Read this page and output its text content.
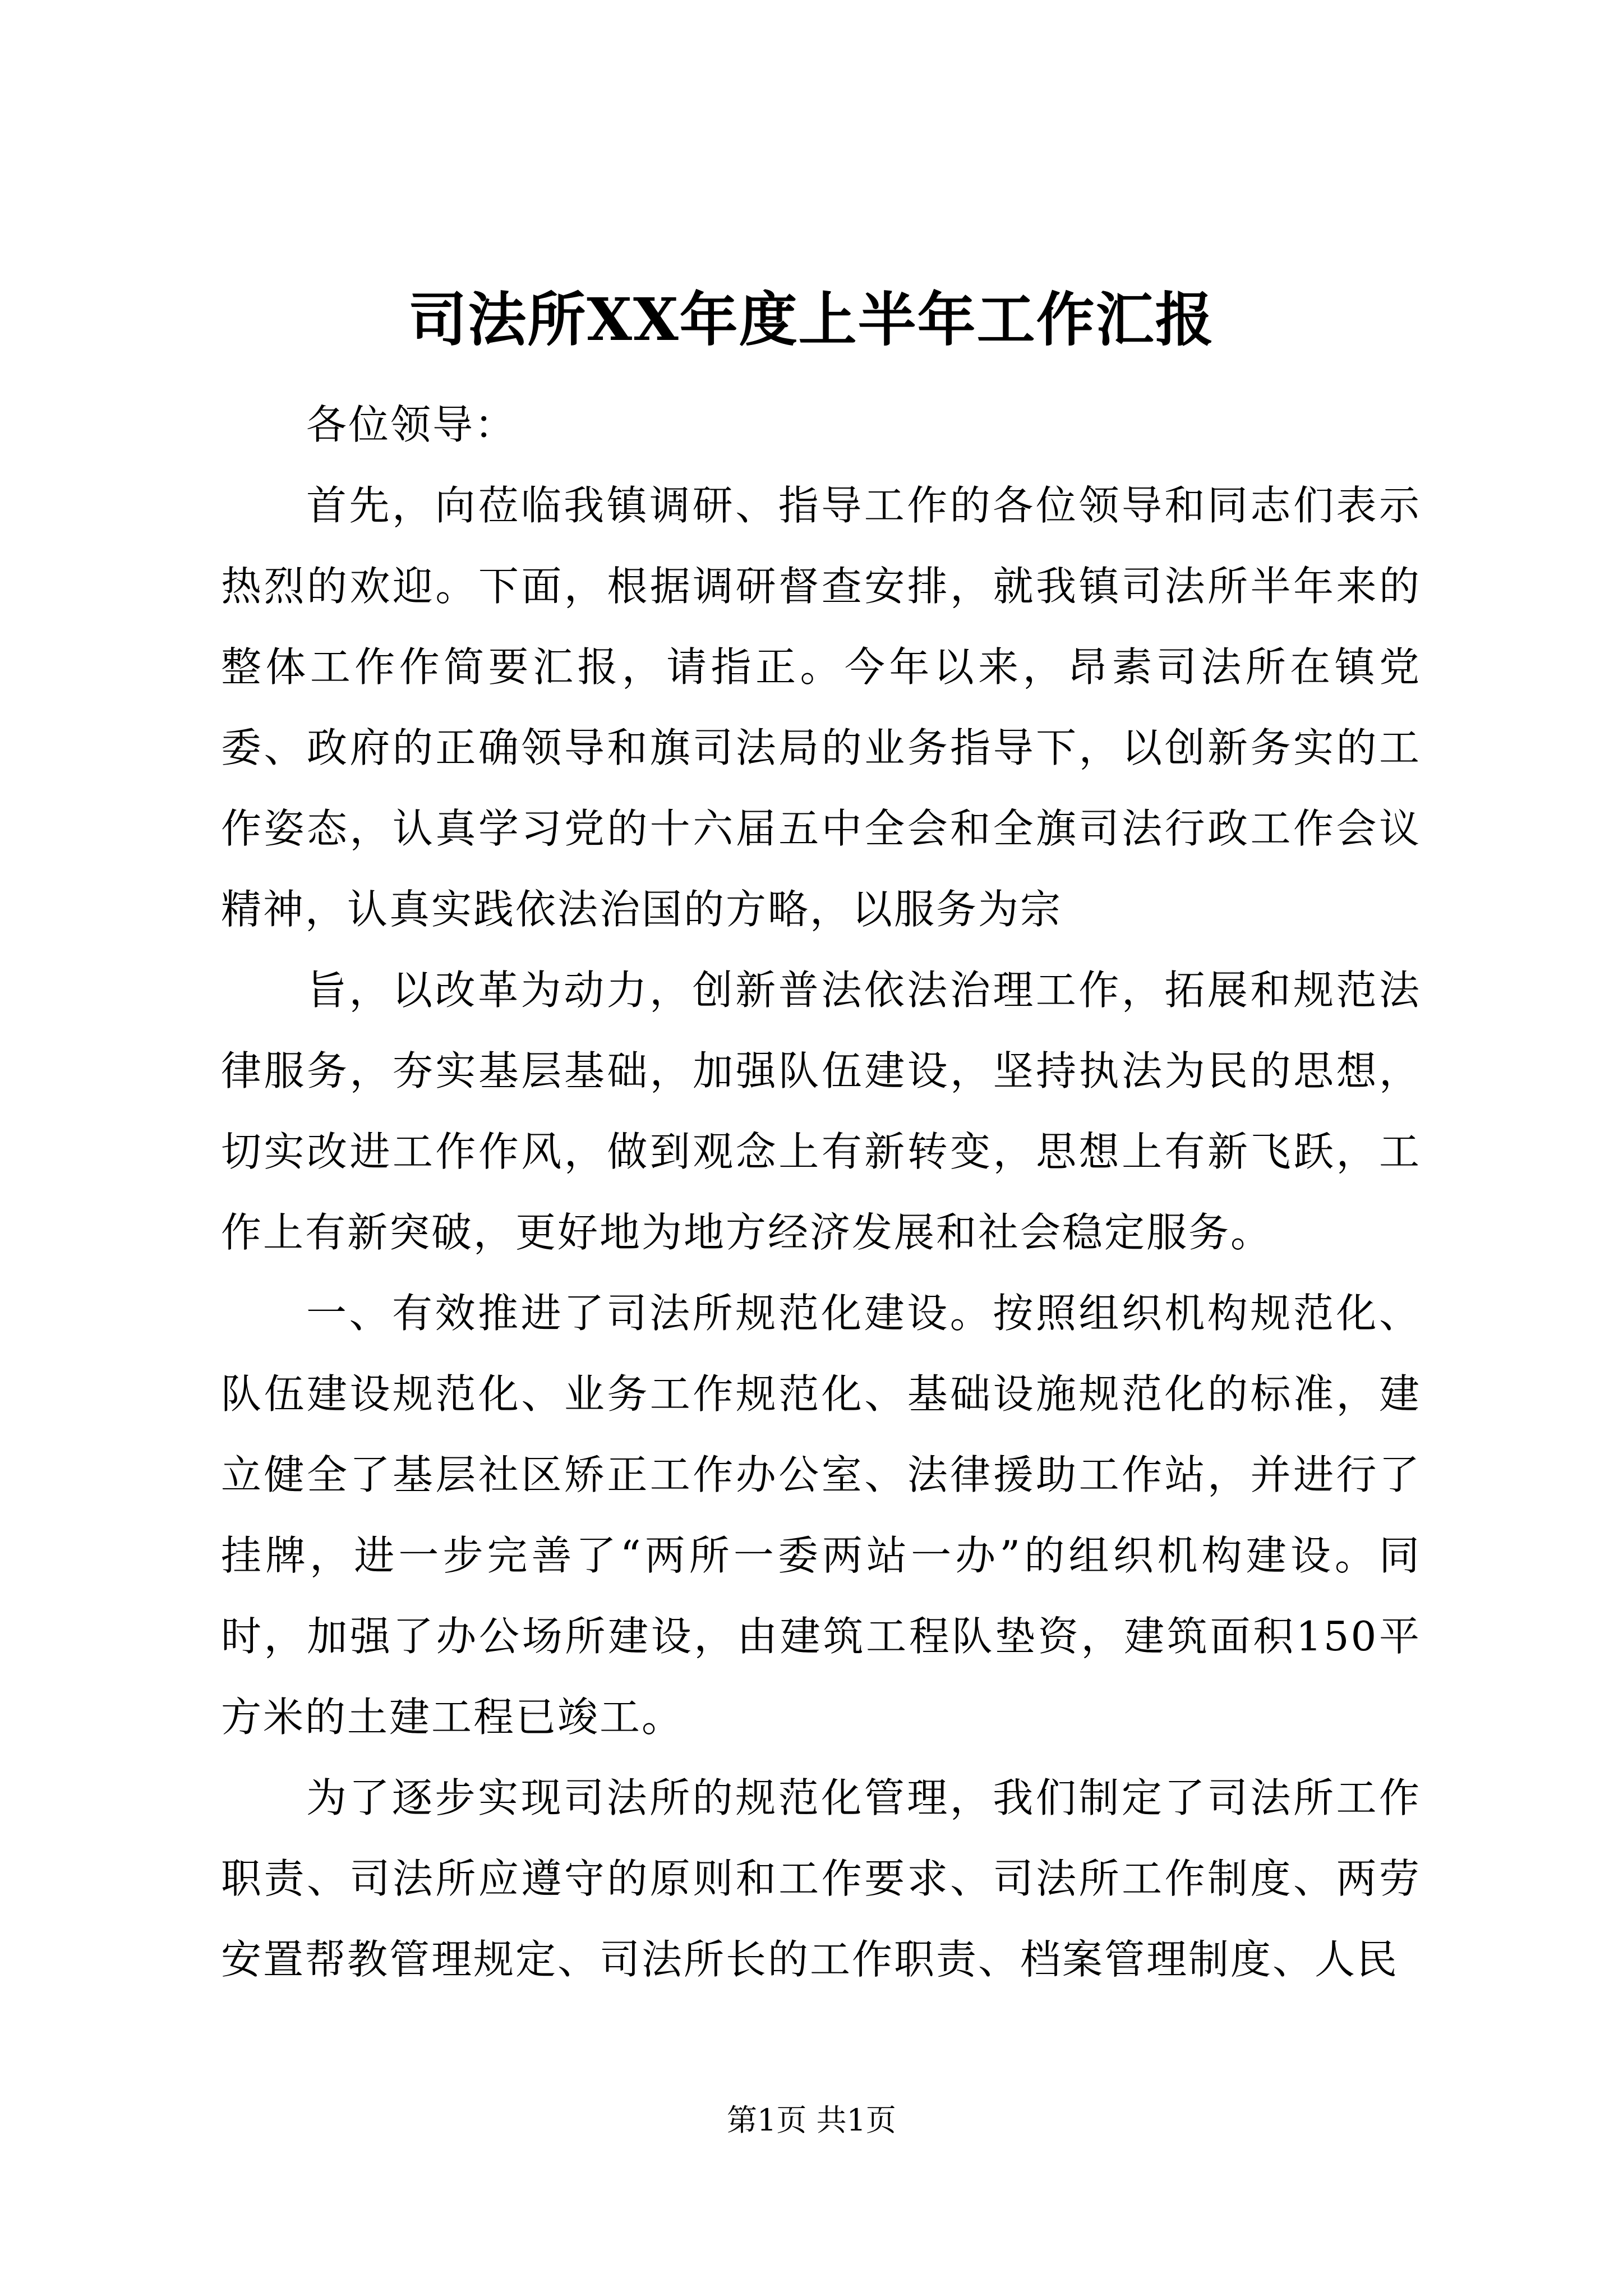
司法所XX年度上半年工作汇报

各位领导：

首先，向莅临我镇调研、指导工作的各位领导和同志们表示热烈的欢迎。下面，根据调研督查安排，就我镇司法所半年来的整体工作作简要汇报，请指正。今年以来，昂素司法所在镇党委、政府的正确领导和旗司法局的业务指导下，以创新务实的工作姿态，认真学习党的十六届五中全会和全旗司法行政工作会议精神，认真实践依法治国的方略，以服务为宗

旨，以改革为动力，创新普法依法治理工作，拓展和规范法律服务，夯实基层基础，加强队伍建设，坚持执法为民的思想，切实改进工作作风，做到观念上有新转变，思想上有新飞跃，工作上有新突破，更好地为地方经济发展和社会稳定服务。

一、有效推进了司法所规范化建设。按照组织机构规范化、队伍建设规范化、业务工作规范化、基础设施规范化的标准，建立健全了基层社区矫正工作办公室、法律援助工作站，并进行了挂牌，进一步完善了“两所一委两站一办”的组织机构建设。同时，加强了办公场所建设，由建筑工程队垫资，建筑面积150平方米的土建工程已竣工。

为了逐步实现司法所的规范化管理，我们制定了司法所工作职责、司法所应遵守的原则和工作要求、司法所工作制度、两劳安置帮教管理规定、司法所长的工作职责、档案管理制度、人民

第1页 共1页
